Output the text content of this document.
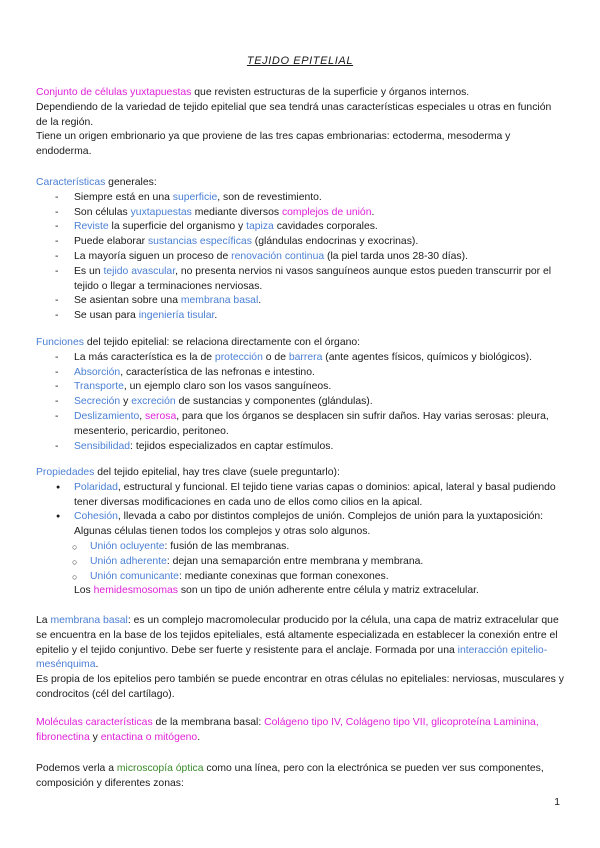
TEJIDO EPITELIAL

Conjunto de células yuxtapuestas que revisten estructuras de la superficie y órganos internos.

Dependiendo de la variedad de tejido epitelial que sea tendrá unas características especiales u otras en función de la región.

Tiene un origen embrionario ya que proviene de las tres capas embrionarias: ectoderma, mesoderma y endoderma.

Características generales:

- Siempre está en una superficie, son de revestimiento.
- Son células yuxtapuestas mediante diversos complejos de unión.
- Reviste la superficie del organismo y tapiza cavidades corporales.
- Puede elaborar sustancias específicas (glándulas endocrinas y exocrinas).
- La mayoría siguen un proceso de renovación continua (la piel tarda unos 28-30 días).
- Es un tejido avascular, no presenta nervios ni vasos sanguíneos aunque estos pueden transcurrir por el tejido o llegar a terminaciones nerviosas.
- Se asientan sobre una membrana basal.
- Se usan para ingeniería tisular.

Funciones del tejido epitelial: se relaciona directamente con el órgano:

- La más característica es la de protección o de barrera (ante agentes físicos, químicos y biológicos).
- Absorción, característica de las nefronas e intestino.
- Transporte, un ejemplo claro son los vasos sanguíneos.
- Secreción y excreción de sustancias y componentes (glándulas).
- Deslizamiento, serosa, para que los órganos se desplacen sin sufrir daños. Hay varias serosas: pleura, mesenterio, pericardio, peritoneo.
- Sensibilidad: tejidos especializados en captar estímulos.

Propiedades del tejido epitelial, hay tres clave (suele preguntarlo):

● Polaridad, estructural y funcional. El tejido tiene varias capas o dominios: apical, lateral y basal pudiendo tener diversas modificaciones en cada uno de ellos como cilios en la apical.
● Cohesión, llevada a cabo por distintos complejos de unión. Complejos de unión para la yuxtaposición: Algunas células tienen todos los complejos y otras solo algunos.
○ Unión ocluyente: fusión de las membranas.
○ Unión adherente: dejan una semaparción entre membrana y membrana.
○ Unión comunicante: mediante conexinas que forman conexones.

Los hemidesmosomas son un tipo de unión adherente entre célula y matriz extracelular.

La membrana basal: es un complejo macromolecular producido por la célula, una capa de matriz extracelular que se encuentra en la base de los tejidos epiteliales, está altamente especializada en establecer la conexión entre el epitelio y el tejido conjuntivo. Debe ser fuerte y resistente para el anclaje. Formada por una interacción epitelio-mesénquima.

Es propia de los epitelios pero también se puede encontrar en otras células no epiteliales: nerviosas, musculares y condrocitos (cél del cartílago).

Moléculas características de la membrana basal: Colágeno tipo IV, Colágeno tipo VII, glicoproteína Laminina, fibronectina y entactina o mitógeno.

Podemos verla a microscopía óptica como una línea, pero con la electrónica se pueden ver sus componentes, composición y diferentes zonas:

1
